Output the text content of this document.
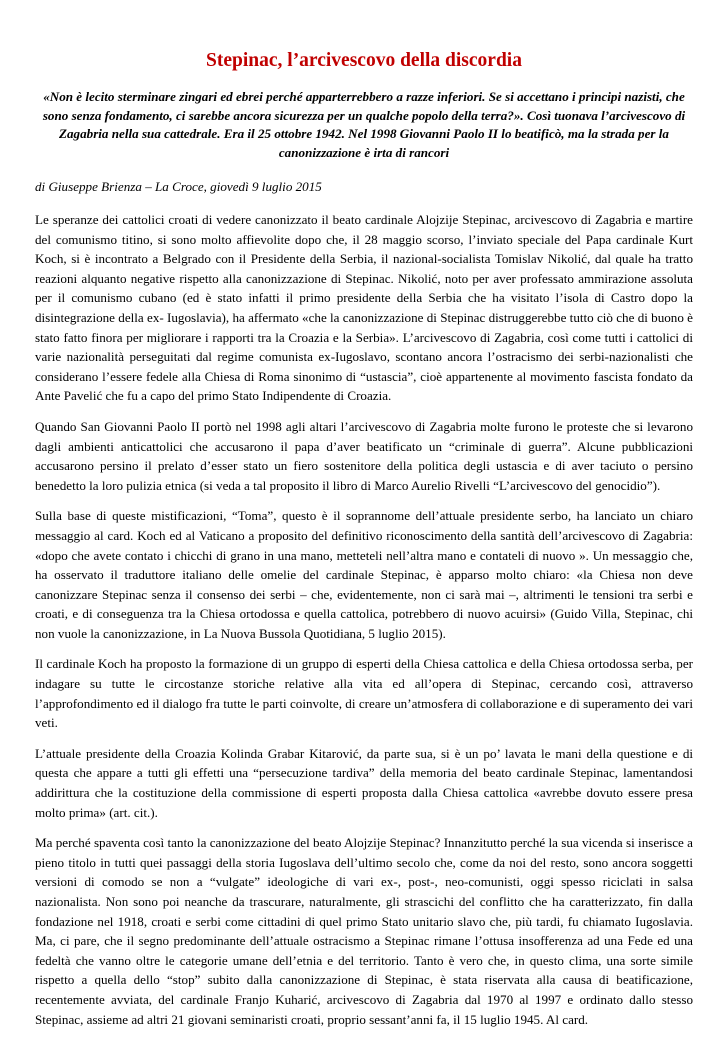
Stepinac, l’arcivescovo della discordia

«Non è lecito sterminare zingari ed ebrei perché apparterrebbero a razze inferiori. Se si accettano i principi nazisti, che sono senza fondamento, ci sarebbe ancora sicurezza per un qualche popolo della terra?». Così tuonava l’arcivescovo di Zagabria nella sua cattedrale. Era il 25 ottobre 1942. Nel 1998 Giovanni Paolo II lo beatificò, ma la strada per la canonizzazione è irta di rancori

di Giuseppe Brienza – La Croce, giovedì 9 luglio 2015

Le speranze dei cattolici croati di vedere canonizzato il beato cardinale Alojzije Stepinac, arcivescovo di Zagabria e martire del comunismo titino, si sono molto affievolite dopo che, il 28 maggio scorso, l’inviato speciale del Papa cardinale Kurt Koch, si è incontrato a Belgrado con il Presidente della Serbia, il nazional-socialista Tomislav Nikolić, dal quale ha tratto reazioni alquanto negative rispetto alla canonizzazione di Stepinac. Nikolić, noto per aver professato ammirazione assoluta per il comunismo cubano (ed è stato infatti il primo presidente della Serbia che ha visitato l’isola di Castro dopo la disintegrazione della ex- Iugoslavia), ha affermato «che la canonizzazione di Stepinac distruggerebbe tutto ciò che di buono è stato fatto finora per migliorare i rapporti tra la Croazia e la Serbia». L’arcivescovo di Zagabria, così come tutti i cattolici di varie nazionalità perseguitati dal regime comunista ex-Iugoslavo, scontano ancora l’ostracismo dei serbi-nazionalisti che considerano l’essere fedele alla Chiesa di Roma sinonimo di “ustascia”, cioè appartenente al movimento fascista fondato da Ante Pavelić che fu a capo del primo Stato Indipendente di Croazia.

Quando San Giovanni Paolo II portò nel 1998 agli altari l’arcivescovo di Zagabria molte furono le proteste che si levarono dagli ambienti anticattolici che accusarono il papa d’aver beatificato un “criminale di guerra”. Alcune pubblicazioni accusarono persino il prelato d’esser stato un fiero sostenitore della politica degli ustascia e di aver taciuto o persino benedetto la loro pulizia etnica (si veda a tal proposito il libro di Marco Aurelio Rivelli “L’arcivescovo del genocidio”).

Sulla base di queste mistificazioni, “Toma”, questo è il soprannome dell’attuale presidente serbo, ha lanciato un chiaro messaggio al card. Koch ed al Vaticano a proposito del definitivo riconoscimento della santità dell’arcivescovo di Zagabria: «dopo che avete contato i chicchi di grano in una mano, metteteli nell’altra mano e contateli di nuovo ». Un messaggio che, ha osservato il traduttore italiano delle omelie del cardinale Stepinac, è apparso molto chiaro: «la Chiesa non deve canonizzare Stepinac senza il consenso dei serbi – che, evidentemente, non ci sarà mai –, altrimenti le tensioni tra serbi e croati, e di conseguenza tra la Chiesa ortodossa e quella cattolica, potrebbero di nuovo acuirsi» (Guido Villa, Stepinac, chi non vuole la canonizzazione, in La Nuova Bussola Quotidiana, 5 luglio 2015).

Il cardinale Koch ha proposto la formazione di un gruppo di esperti della Chiesa cattolica e della Chiesa ortodossa serba, per indagare su tutte le circostanze storiche relative alla vita ed all’opera di Stepinac, cercando così, attraverso l’approfondimento ed il dialogo fra tutte le parti coinvolte, di creare un’atmosfera di collaborazione e di superamento dei vari veti.

L’attuale presidente della Croazia Kolinda Grabar Kitarović, da parte sua, si è un po’ lavata le mani della questione e di questa che appare a tutti gli effetti una “persecuzione tardiva” della memoria del beato cardinale Stepinac, lamentandosi addirittura che la costituzione della commissione di esperti proposta dalla Chiesa cattolica «avrebbe dovuto essere presa molto prima» (art. cit.).

Ma perché spaventa così tanto la canonizzazione del beato Alojzije Stepinac? Innanzitutto perché la sua vicenda si inserisce a pieno titolo in tutti quei passaggi della storia Iugoslava dell’ultimo secolo che, come da noi del resto, sono ancora soggetti versioni di comodo se non a “vulgate” ideologiche di vari ex-, post-, neo-comunisti, oggi spesso riciclati in salsa nazionalista. Non sono poi neanche da trascurare, naturalmente, gli strascichi del conflitto che ha caratterizzato, fin dalla fondazione nel 1918, croati e serbi come cittadini di quel primo Stato unitario slavo che, più tardi, fu chiamato Iugoslavia. Ma, ci pare, che il segno predominante dell’attuale ostracismo a Stepinac rimane l’ottusa insofferenza ad una Fede ed una fedeltà che vanno oltre le categorie umane dell’etnia e del territorio. Tanto è vero che, in questo clima, una sorte simile rispetto a quella dello “stop” subito dalla canonizzazione di Stepinac, è stata riservata alla causa di beatificazione, recentemente avviata, del cardinale Franjo Kuharić, arcivescovo di Zagabria dal 1970 al 1997 e ordinato dallo stesso Stepinac, assieme ad altri 21 giovani seminaristi croati, proprio sessant’anni fa, il 15 luglio 1945. Al card.
